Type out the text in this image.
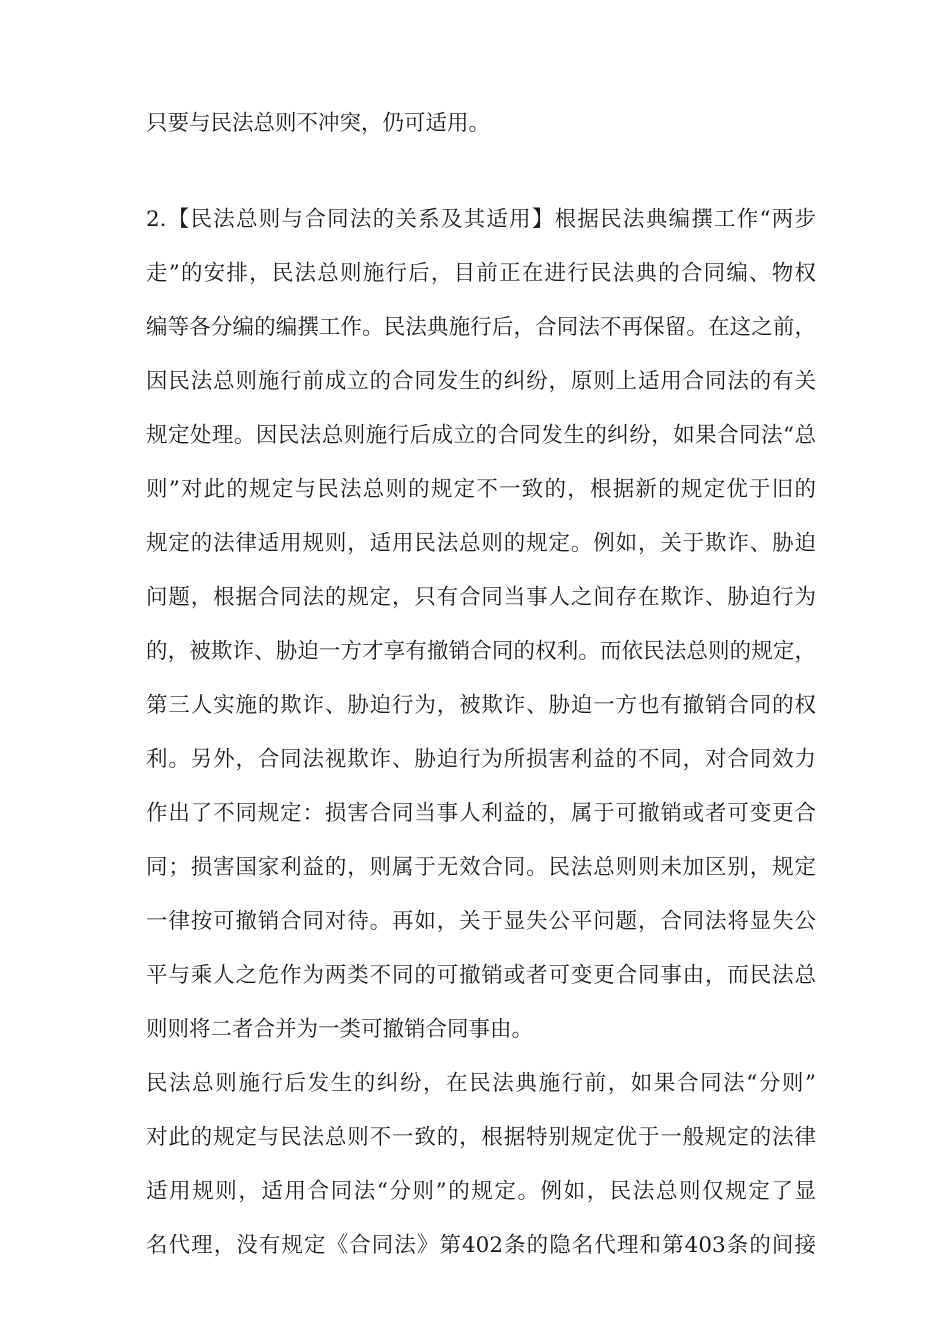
只要与民法总则不冲突，仍可适用。
2.【民法总则与合同法的关系及其适用】根据民法典编撰工作“两步
走”的安排，民法总则施行后，目前正在进行民法典的合同编、物权
编等各分编的编撰工作。民法典施行后，合同法不再保留。在这之前，
因民法总则施行前成立的合同发生的纠纷，原则上适用合同法的有关
规定处理。因民法总则施行后成立的合同发生的纠纷，如果合同法“总
则”对此的规定与民法总则的规定不一致的，根据新的规定优于旧的
规定的法律适用规则，适用民法总则的规定。例如，关于欺诈、胁迫
问题，根据合同法的规定，只有合同当事人之间存在欺诈、胁迫行为
的，被欺诈、胁迫一方才享有撤销合同的权利。而依民法总则的规定，
第三人实施的欺诈、胁迫行为，被欺诈、胁迫一方也有撤销合同的权
利。另外，合同法视欺诈、胁迫行为所损害利益的不同，对合同效力
作出了不同规定：损害合同当事人利益的，属于可撤销或者可变更合
同；损害国家利益的，则属于无效合同。民法总则则未加区别，规定
一律按可撤销合同对待。再如，关于显失公平问题，合同法将显失公
平与乘人之危作为两类不同的可撤销或者可变更合同事由，而民法总
则则将二者合并为一类可撤销合同事由。
民法总则施行后发生的纠纷，在民法典施行前，如果合同法“分则”
对此的规定与民法总则不一致的，根据特别规定优于一般规定的法律
适用规则，适用合同法“分则”的规定。例如，民法总则仅规定了显
名代理，没有规定《合同法》第402条的隐名代理和第403条的间接
